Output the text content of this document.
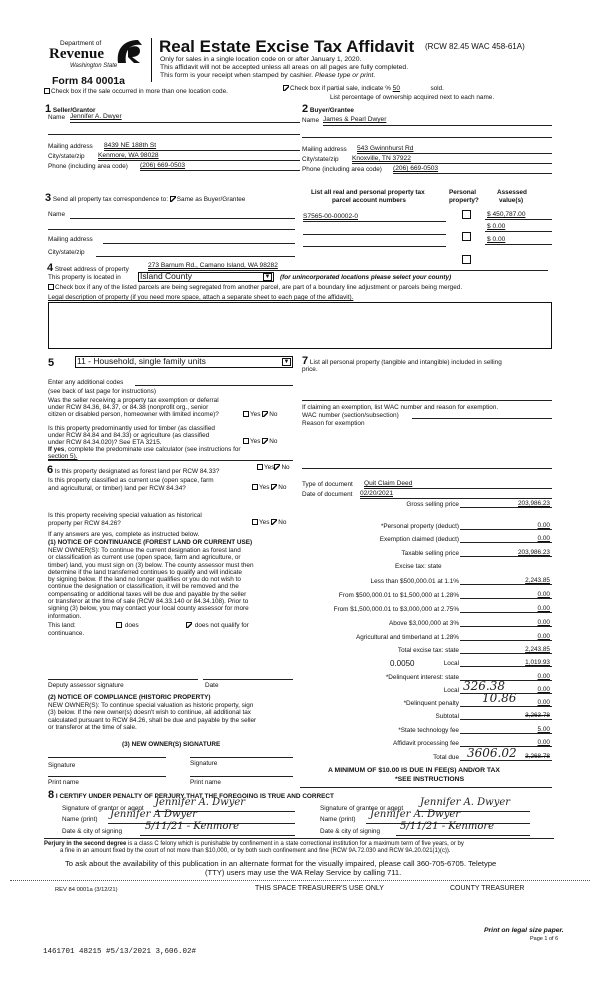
Department of
Revenue
Washington State
Form 84 0001a
Real Estate Excise Tax Affidavit (RCW 82.45 WAC 458-61A)
Only for sales in a single location code on or after January 1, 2020.
This affidavit will not be accepted unless all areas on all pages are fully completed.
This form is your receipt when stamped by cashier. Please type or print.
Check box if the sale occurred in more than one location code.	Check box if partial sale, indicate % 50	sold.
List percentage of ownership acquired next to each name.
1 Seller/Grantor
Name Jennifer A. Dwyer
Mailing address 8439 NE 188th St
City/state/zip Kenmore, WA 98028
Phone (including area code) (206) 669-0503
2 Buyer/Grantee
Name James & Pearl Dwyer
Mailing address 543 Gwinnhurst Rd
City/state/zip Knoxville, TN 37922
Phone (including area code) (206) 669-0503
3 Send all property tax correspondence to: Same as Buyer/Grantee
Name
Mailing address
City/state/zip
List all real and personal property tax
parcel account numbers
Personal
property?
Assessed
value(s)
S7565-00-00002-0	$ 450,787.00
$ 0.00
$ 0.00
4 Street address of property
273 Barnum Rd., Camano Island, WA 98282
This property is located in Island County	▼ (for unincorporated locations please select your county)
Check box if any of the listed parcels are being segregated from another parcel, are part of a boundary line adjustment or parcels being merged.
Legal description of property (if you need more space, attach a separate sheet to each page of the affidavit).
5	11 - Household, single family units	▼
Enter any additional codes
(see back of last page for instructions)
Was the seller receiving a property tax exemption or deferral
under RCW 84.36, 84.37, or 84.38 (nonprofit org., senior
citizen or disabled person, homeowner with limited income)?	Yes No
Is this property predominantly used for timber (as classified
under RCW 84.84 and 84.33) or agriculture (as classified
under RCW 84.34.020)? See ETA 3215.	Yes No
If yes, complete the predominate use calculator (see instructions for
section 5).
6 Is this property designated as forest land per RCW 84.33?
Yes No
Is this property classified as current use (open space, farm
and agricultural, or timber) land per RCW 84.34?	Yes No
Is this property receiving special valuation as historical
property per RCW 84.26?	Yes No
If any answers are yes, complete as instructed below.
(1) NOTICE OF CONTINUANCE (FOREST LAND OR CURRENT USE)
NEW OWNER(S): To continue the current designation as forest land
or classification as current use (open space, farm and agriculture, or
timber) land, you must sign on (3) below. The county assessor must then
determine if the land transferred continues to qualify and will indicate
by signing below. If the land no longer qualifies or you do not wish to
continue the designation or classification, it will be removed and the
compensating or additional taxes will be due and payable by the seller
or transferor at the time of sale (RCW 84.33.140 or 84.34.108). Prior to
signing (3) below, you may contact your local county assessor for more
information.
This land:
continuance.
does	does not qualify for
Deputy assessor signature	Date
(2) NOTICE OF COMPLIANCE (HISTORIC PROPERTY)
NEW OWNER(S): To continue special valuation as historic property, sign
(3) below. If the new owner(s) doesn't wish to continue, all additional tax
calculated pursuant to RCW 84.26, shall be due and payable by the seller
or transferor at the time of sale.
(3) NEW OWNER(S) SIGNATURE
Signature	Signature
Print name	Print name
7 List all personal property (tangible and intangible) included in selling
price.
If claiming an exemption, list WAC number and reason for exemption.
WAC number (section/subsection)
Reason for exemption
Type of document Quit Claim Deed
Date of document 02/20/2021
Gross selling price	203,986.23
*Personal property (deduct)	0.00
Exemption claimed (deduct)	0.00
Taxable selling price	203,986.23
Excise tax: state
Less than $500,000.01 at 1.1%	2,243.85
From $500,000.01 to $1,500,000 at 1.28%	0.00
From $1,500,000.01 to $3,000,000 at 2.75%	0.00
Above $3,000,000 at 3%	0.00
Agricultural and timberland at 1.28%	0.00
Total excise tax: state	2,243.85
0.0050	Local	1,019.93
*Delinquent interest: state	0.00
Local	0.00
*Delinquent penalty	0.00
Subtotal	3,263.78
*State technology fee	5.00
Affidavit processing fee	0.00
Total due	3,268.78
326.38
10.86
3606.02
A MINIMUM OF $10.00 IS DUE IN FEE(S) AND/OR TAX
*SEE INSTRUCTIONS
8 I CERTIFY UNDER PENALTY OF PERJURY THAT THE FOREGOING IS TRUE AND CORRECT
Signature of grantor or agent
Jennifer A. Dwyer
Name (print) Jennifer A Dwyer
Date & city of signing 5/11/21 - Kenmore
Signature of grantee or agent
Jennifer A. Dwyer
Name (print) Jennifer A. Dwyer
Date & city of signing 5/11/21 - Kenmore
Perjury in the second degree is a class C felony which is punishable by confinement in a state correctional institution for a maximum term of five years, or by
a fine in an amount fixed by the court of not more than $10,000, or by both such confinement and fine (RCW 9A.72.030 and RCW 9A.20.021(1)(c)).
To ask about the availability of this publication in an alternate format for the visually impaired, please call 360-705-6705. Teletype
(TTY) users may use the WA Relay Service by calling 711.
REV 84 0001a (3/12/21)	THIS SPACE TREASURER'S USE ONLY	COUNTY TREASURER
Print on legal size paper.
Page 1 of 6
1461701 48215 #5/13/2021 3,606.02#
